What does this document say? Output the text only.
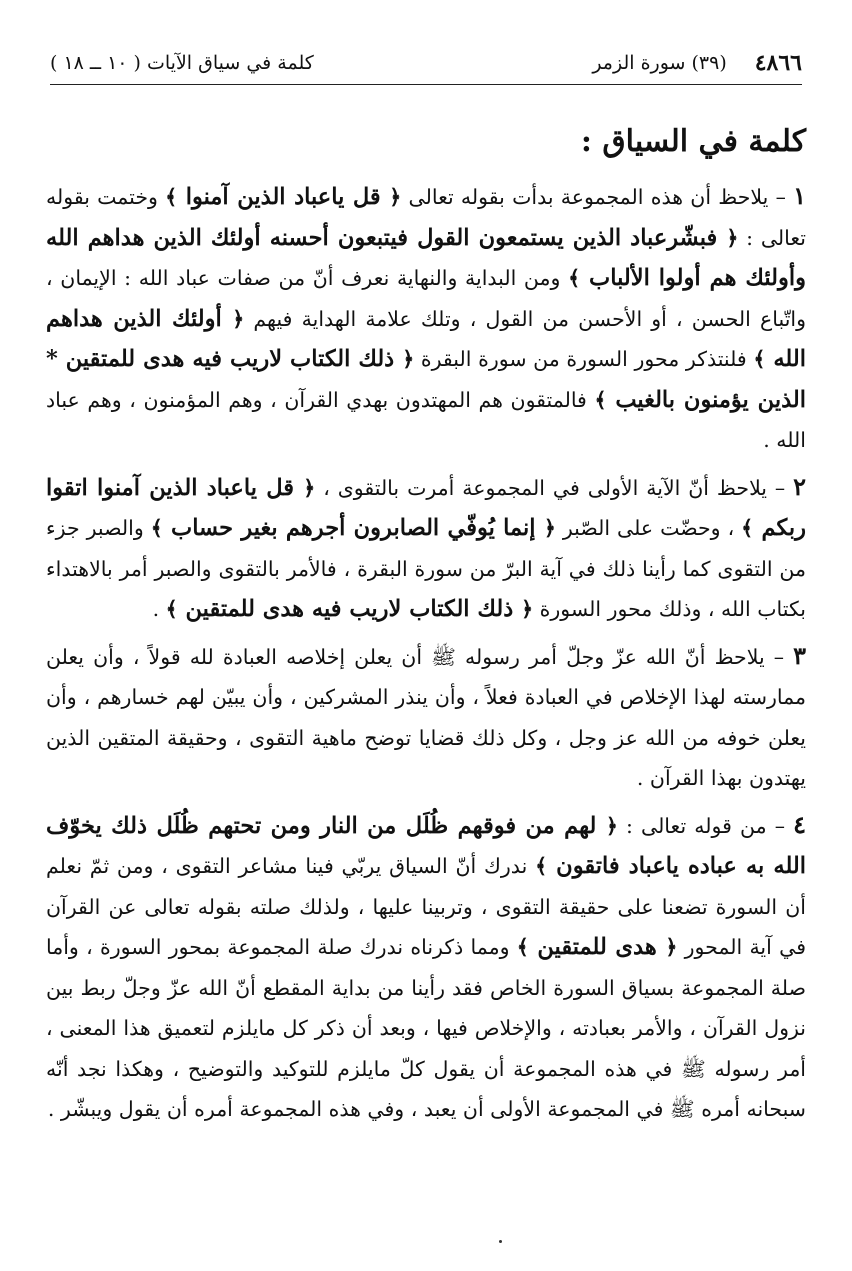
٤٨٦٦
(٣٩) سورة الزمر
كلمة في سياق الآيات ( ١٠ ــ ١٨ )
كلمة في السياق :

١ – يلاحظ أن هذه المجموعة بدأت بقوله تعالى ﴿ قل ياعباد الذين آمنوا ﴾ وختمت بقوله تعالى : ﴿ فبشّرعباد الذين يستمعون القول فيتبعون أحسنه أولئك الذين هداهم الله وأولئك هم أولوا الألباب ﴾ ومن البداية والنهاية نعرف أنّ من صفات عباد الله : الإيمان ، واتّباع الحسن ، أو الأحسن من القول ، وتلك علامة الهداية فيهم ﴿ أولئك الذين هداهم الله ﴾ فلنتذكر محور السورة من سورة البقرة ﴿ ذلك الكتاب لاريب فيه هدى للمتقين * الذين يؤمنون بالغيب ﴾ فالمتقون هم المهتدون بهدي القرآن ، وهم المؤمنون ، وهم عباد الله .

٢ – يلاحظ أنّ الآية الأولى في المجموعة أمرت بالتقوى ، ﴿ قل ياعباد الذين آمنوا اتقوا ربكم ﴾ ، وحضّت على الصّبر ﴿ إنما يُوفّي الصابرون أجرهم بغير حساب ﴾ والصبر جزء من التقوى كما رأينا ذلك في آية البرّ من سورة البقرة ، فالأمر بالتقوى والصبر أمر بالاهتداء بكتاب الله ، وذلك محور السورة ﴿ ذلك الكتاب لاريب فيه هدى للمتقين ﴾ .

٣ – يلاحظ أنّ الله عزّ وجلّ أمر رسوله ﷺ أن يعلن إخلاصه العبادة لله قولاً ، وأن يعلن ممارسته لهذا الإخلاص في العبادة فعلاً ، وأن ينذر المشركين ، وأن يبيّن لهم خسارهم ، وأن يعلن خوفه من الله عز وجل ، وكل ذلك قضايا توضح ماهية التقوى ، وحقيقة المتقين الذين يهتدون بهذا القرآن .

٤ – من قوله تعالى : ﴿ لهم من فوقهم ظُلَل من النار ومن تحتهم ظُلَل ذلك يخوّف الله به عباده ياعباد فاتقون ﴾ ندرك أنّ السياق يربّي فينا مشاعر التقوى ، ومن ثمّ نعلم أن السورة تضعنا على حقيقة التقوى ، وتربينا عليها ، ولذلك صلته بقوله تعالى عن القرآن في آية المحور ﴿ هدى للمتقين ﴾ ومما ذكرناه ندرك صلة المجموعة بمحور السورة ، وأما صلة المجموعة بسياق السورة الخاص فقد رأينا من بداية المقطع أنّ الله عزّ وجلّ ربط بين نزول القرآن ، والأمر بعبادته ، والإخلاص فيها ، وبعد أن ذكر كل مايلزم لتعميق هذا المعنى ، أمر رسوله ﷺ في هذه المجموعة أن يقول كلّ مايلزم للتوكيد والتوضيح ، وهكذا نجد أنّه سبحانه أمره ﷺ في المجموعة الأولى أن يعبد ، وفي هذه المجموعة أمره أن يقول ويبشّر .
